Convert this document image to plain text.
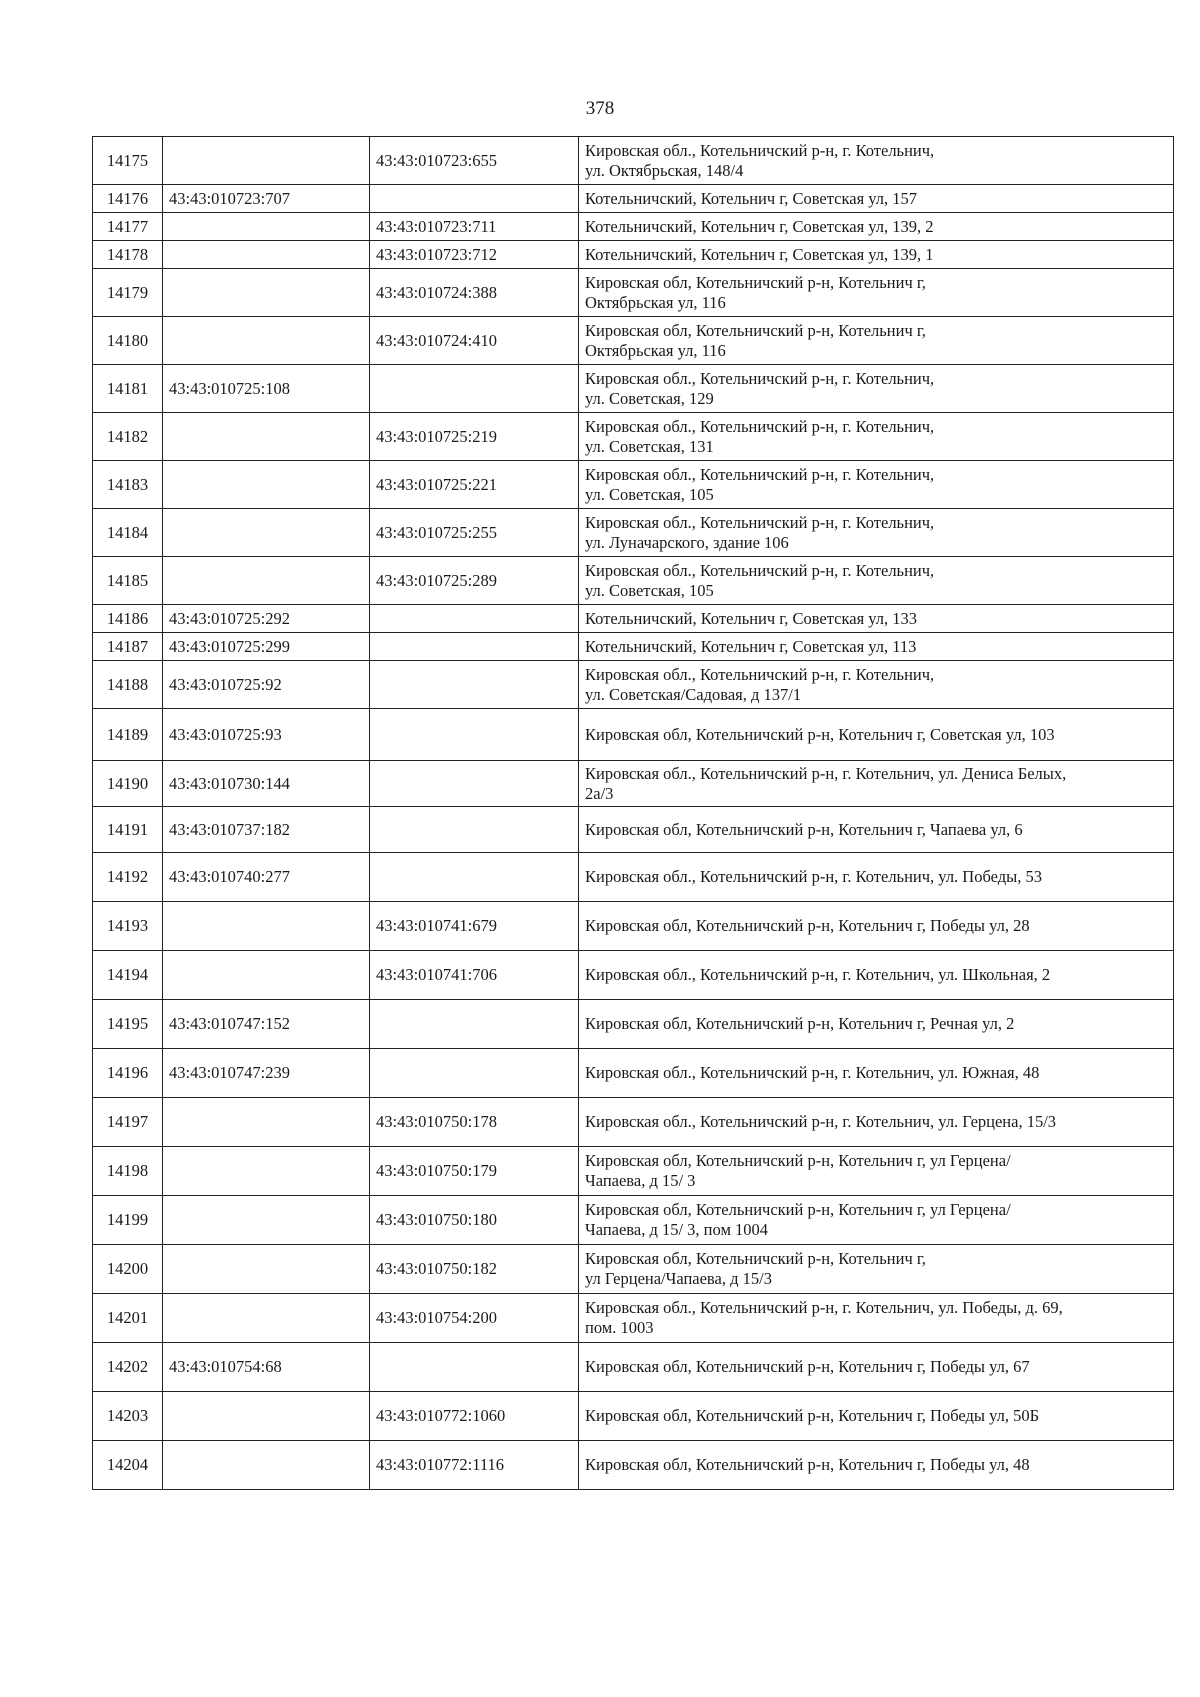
378
14175		43:43:010723:655	Кировская обл., Котельничский р-н, г. Котельнич,
ул. Октябрьская, 148/4

14176	43:43:010723:707		Котельничский, Котельнич г, Советская ул, 157

14177		43:43:010723:711	Котельничский, Котельнич г, Советская ул, 139, 2

14178		43:43:010723:712	Котельничский, Котельнич г, Советская ул, 139, 1

14179		43:43:010724:388	Кировская обл, Котельничский р-н, Котельнич г,
Октябрьская ул, 116

14180		43:43:010724:410	Кировская обл, Котельничский р-н, Котельнич г,
Октябрьская ул, 116

14181	43:43:010725:108		Кировская обл., Котельничский р-н, г. Котельнич,
ул. Советская, 129

14182		43:43:010725:219	Кировская обл., Котельничский р-н, г. Котельнич,
ул. Советская, 131

14183		43:43:010725:221	Кировская обл., Котельничский р-н, г. Котельнич,
ул. Советская, 105

14184		43:43:010725:255	Кировская обл., Котельничский р-н, г. Котельнич,
ул. Луначарского, здание 106

14185		43:43:010725:289	Кировская обл., Котельничский р-н, г. Котельнич,
ул. Советская, 105

14186	43:43:010725:292		Котельничский, Котельнич г, Советская ул, 133

14187	43:43:010725:299		Котельничский, Котельнич г, Советская ул, 113

14188	43:43:010725:92		Кировская обл., Котельничский р-н, г. Котельнич,
ул. Советская/Садовая, д 137/1

14189	43:43:010725:93		Кировская обл, Котельничский р-н, Котельнич г, Советская ул, 103

14190	43:43:010730:144		Кировская обл., Котельничский р-н, г. Котельнич, ул. Дениса Белых,
2а/3

14191	43:43:010737:182		Кировская обл, Котельничский р-н, Котельнич г, Чапаева ул, 6

14192	43:43:010740:277		Кировская обл., Котельничский р-н, г. Котельнич, ул. Победы, 53

14193		43:43:010741:679	Кировская обл, Котельничский р-н, Котельнич г, Победы ул, 28

14194		43:43:010741:706	Кировская обл., Котельничский р-н, г. Котельнич, ул. Школьная, 2

14195	43:43:010747:152		Кировская обл, Котельничский р-н, Котельнич г, Речная ул, 2

14196	43:43:010747:239		Кировская обл., Котельничский р-н, г. Котельнич, ул. Южная, 48

14197		43:43:010750:178	Кировская обл., Котельничский р-н, г. Котельнич, ул. Герцена, 15/3

14198		43:43:010750:179	Кировская обл, Котельничский р-н, Котельнич г, ул Герцена/
Чапаева, д 15/ 3

14199		43:43:010750:180	Кировская обл, Котельничский р-н, Котельнич г, ул Герцена/
Чапаева, д 15/ 3, пом 1004

14200		43:43:010750:182	Кировская обл, Котельничский р-н, Котельнич г,
ул Герцена/Чапаева, д 15/3

14201		43:43:010754:200	Кировская обл., Котельничский р-н, г. Котельнич, ул. Победы, д. 69,
пом. 1003

14202	43:43:010754:68		Кировская обл, Котельничский р-н, Котельнич г, Победы ул, 67

14203		43:43:010772:1060	Кировская обл, Котельничский р-н, Котельнич г, Победы ул, 50Б

14204		43:43:010772:1116	Кировская обл, Котельничский р-н, Котельнич г, Победы ул, 48
